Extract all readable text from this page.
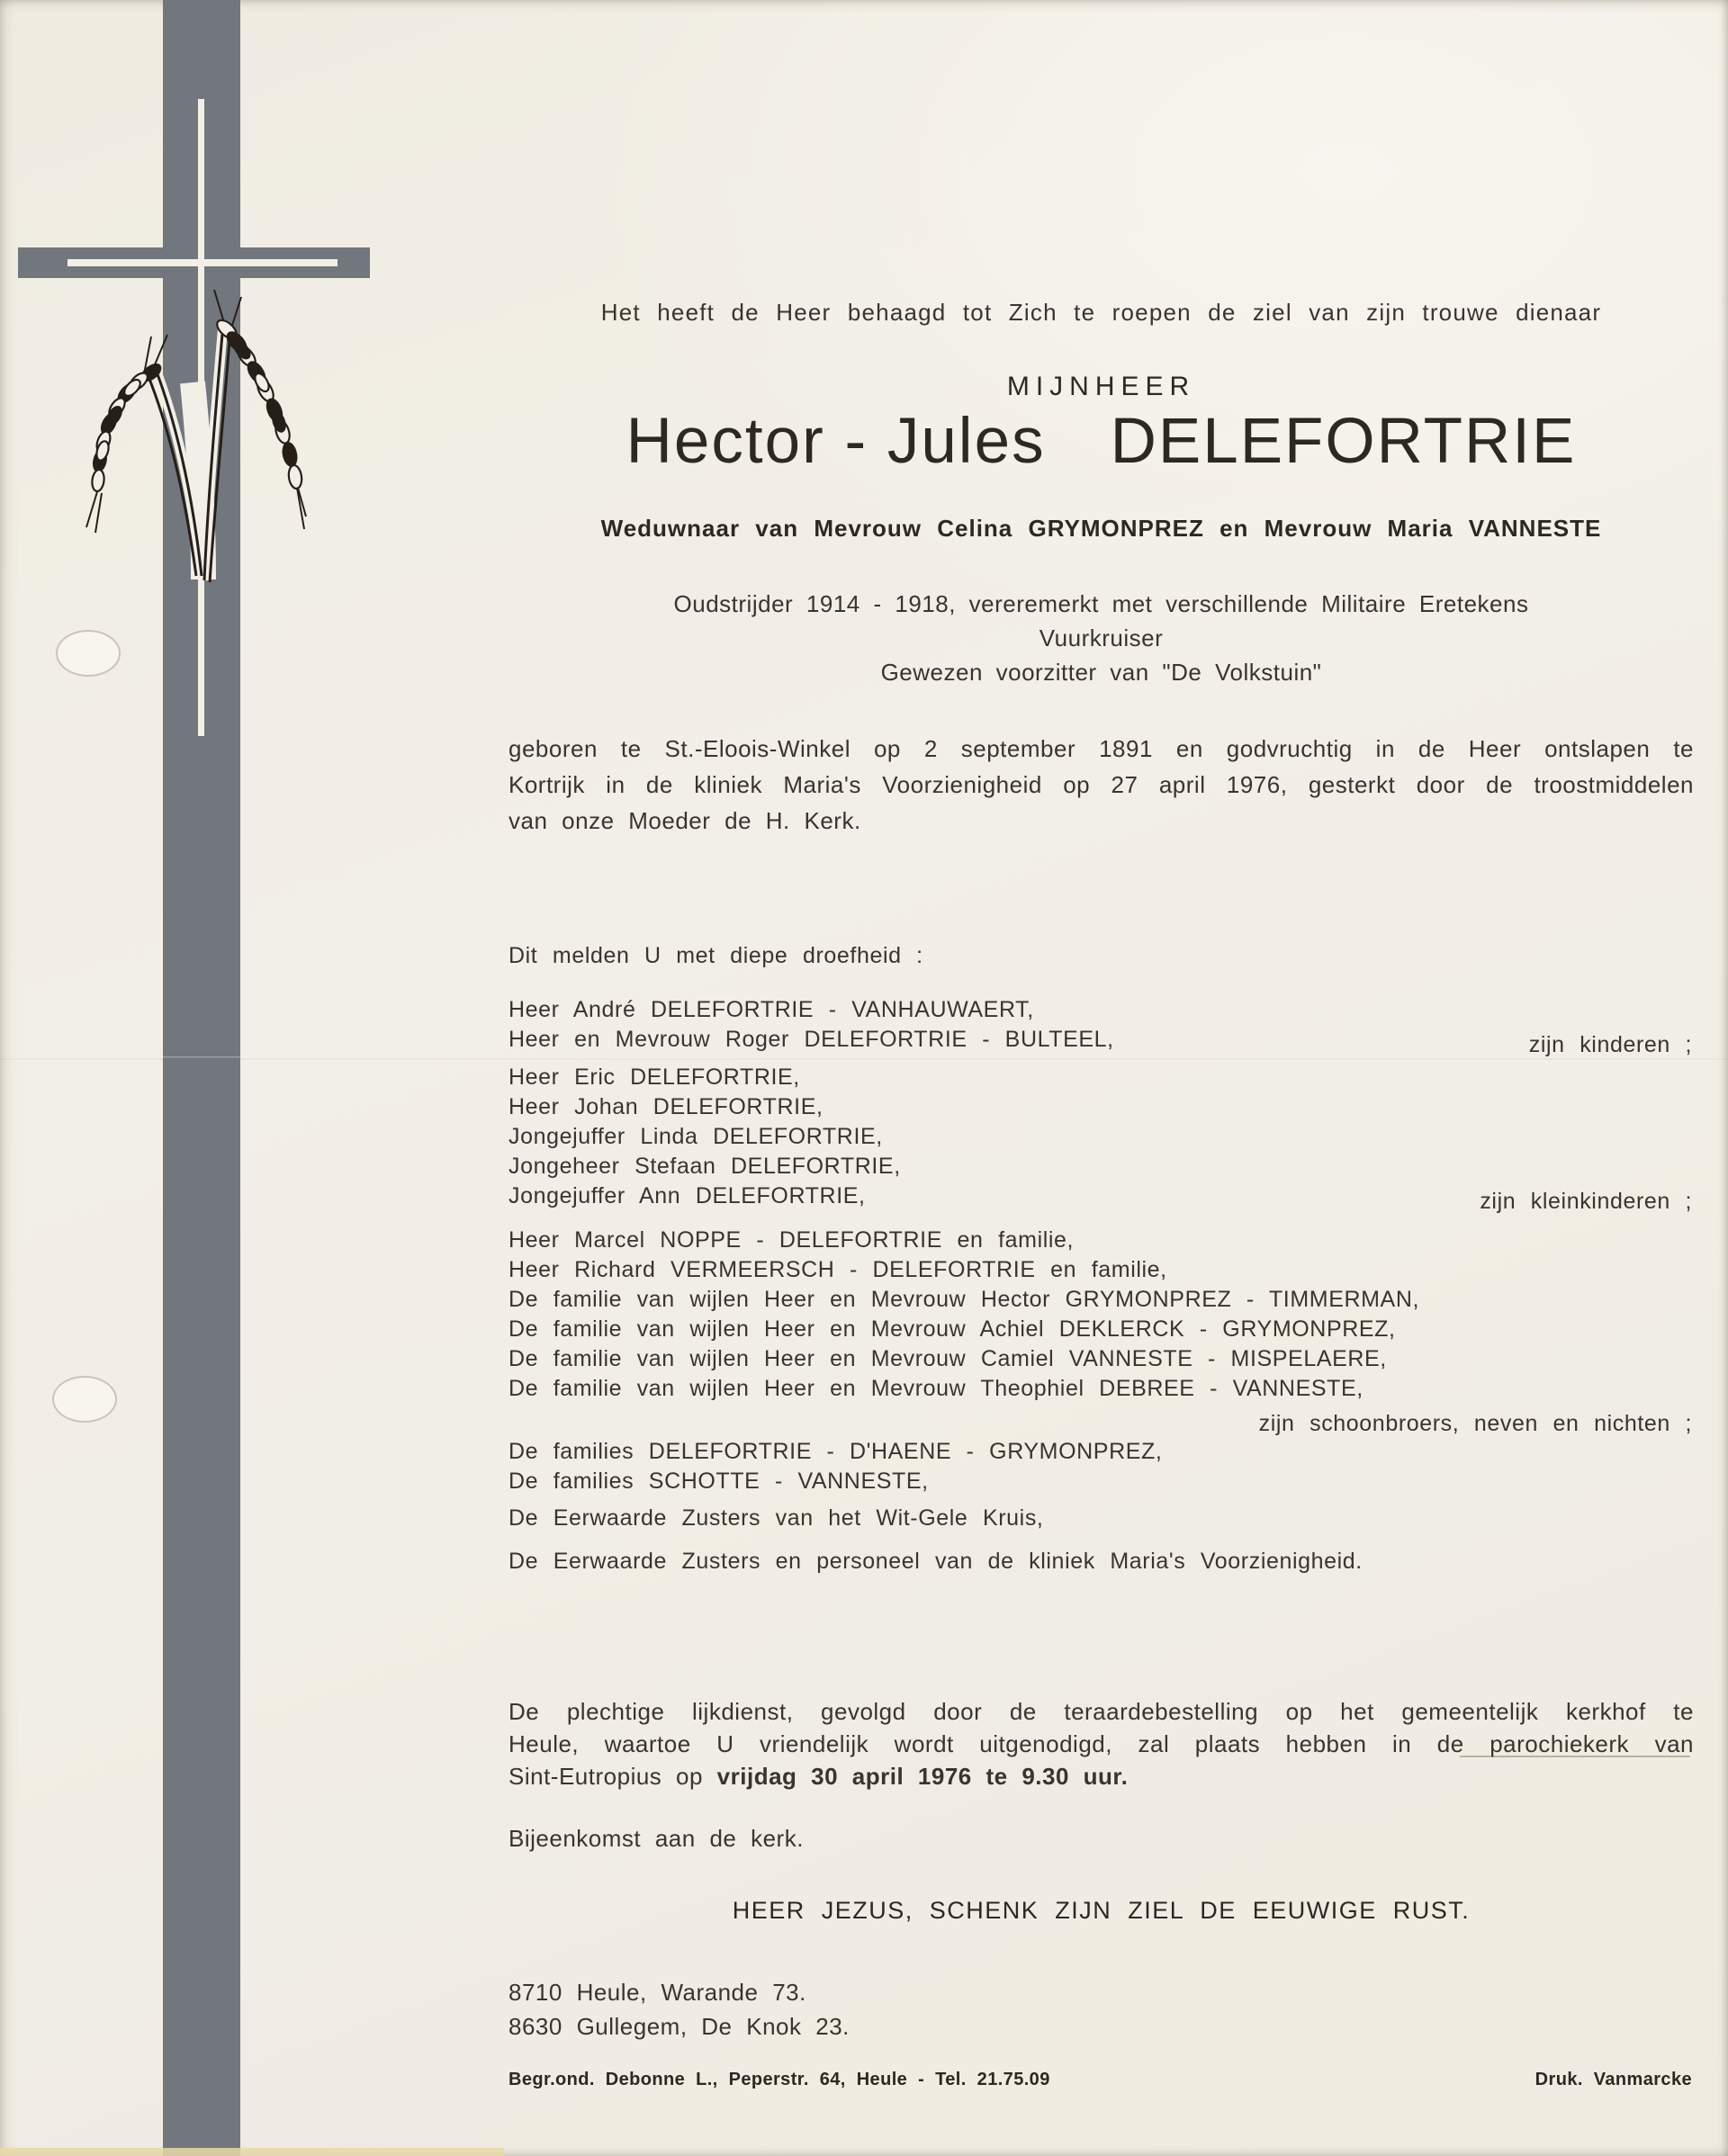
Het heeft de Heer behaagd tot Zich te roepen de ziel van zijn trouwe dienaar
MIJNHEER
Hector - Jules DELEFORTRIE
Weduwnaar van Mevrouw Celina GRYMONPREZ en Mevrouw Maria VANNESTE
Oudstrijder 1914 - 1918, vereremerkt met verschillende Militaire Eretekens
Vuurkruiser
Gewezen voorzitter van "De Volkstuin"
geboren te St.-Eloois-Winkel op 2 september 1891 en godvruchtig in de Heer ontslapen te
Kortrijk in de kliniek Maria's Voorzienigheid op 27 april 1976, gesterkt door de troostmiddelen
van onze Moeder de H. Kerk.
Dit melden U met diepe droefheid :
Heer André DELEFORTRIE - VANHAUWAERT,
Heer en Mevrouw Roger DELEFORTRIE - BULTEEL,	zijn kinderen ;
Heer Eric DELEFORTRIE,
Heer Johan DELEFORTRIE,
Jongejuffer Linda DELEFORTRIE,
Jongeheer Stefaan DELEFORTRIE,
Jongejuffer Ann DELEFORTRIE,	zijn kleinkinderen ;
Heer Marcel NOPPE - DELEFORTRIE en familie,
Heer Richard VERMEERSCH - DELEFORTRIE en familie,
De familie van wijlen Heer en Mevrouw Hector GRYMONPREZ - TIMMERMAN,
De familie van wijlen Heer en Mevrouw Achiel DEKLERCK - GRYMONPREZ,
De familie van wijlen Heer en Mevrouw Camiel VANNESTE - MISPELAERE,
De familie van wijlen Heer en Mevrouw Theophiel DEBREE - VANNESTE,
zijn schoonbroers, neven en nichten ;
De families DELEFORTRIE - D'HAENE - GRYMONPREZ,
De families SCHOTTE - VANNESTE,
De Eerwaarde Zusters van het Wit-Gele Kruis,
De Eerwaarde Zusters en personeel van de kliniek Maria's Voorzienigheid.
De plechtige lijkdienst, gevolgd door de teraardebestelling op het gemeentelijk kerkhof te
Heule, waartoe U vriendelijk wordt uitgenodigd, zal plaats hebben in de parochiekerk van
Sint-Eutropius op vrijdag 30 april 1976 te 9.30 uur.
Bijeenkomst aan de kerk.
HEER JEZUS, SCHENK ZIJN ZIEL DE EEUWIGE RUST.
8710 Heule, Warande 73.
8630 Gullegem, De Knok 23.
Begr.ond. Debonne L., Peperstr. 64, Heule - Tel. 21.75.09	Druk. Vanmarcke
